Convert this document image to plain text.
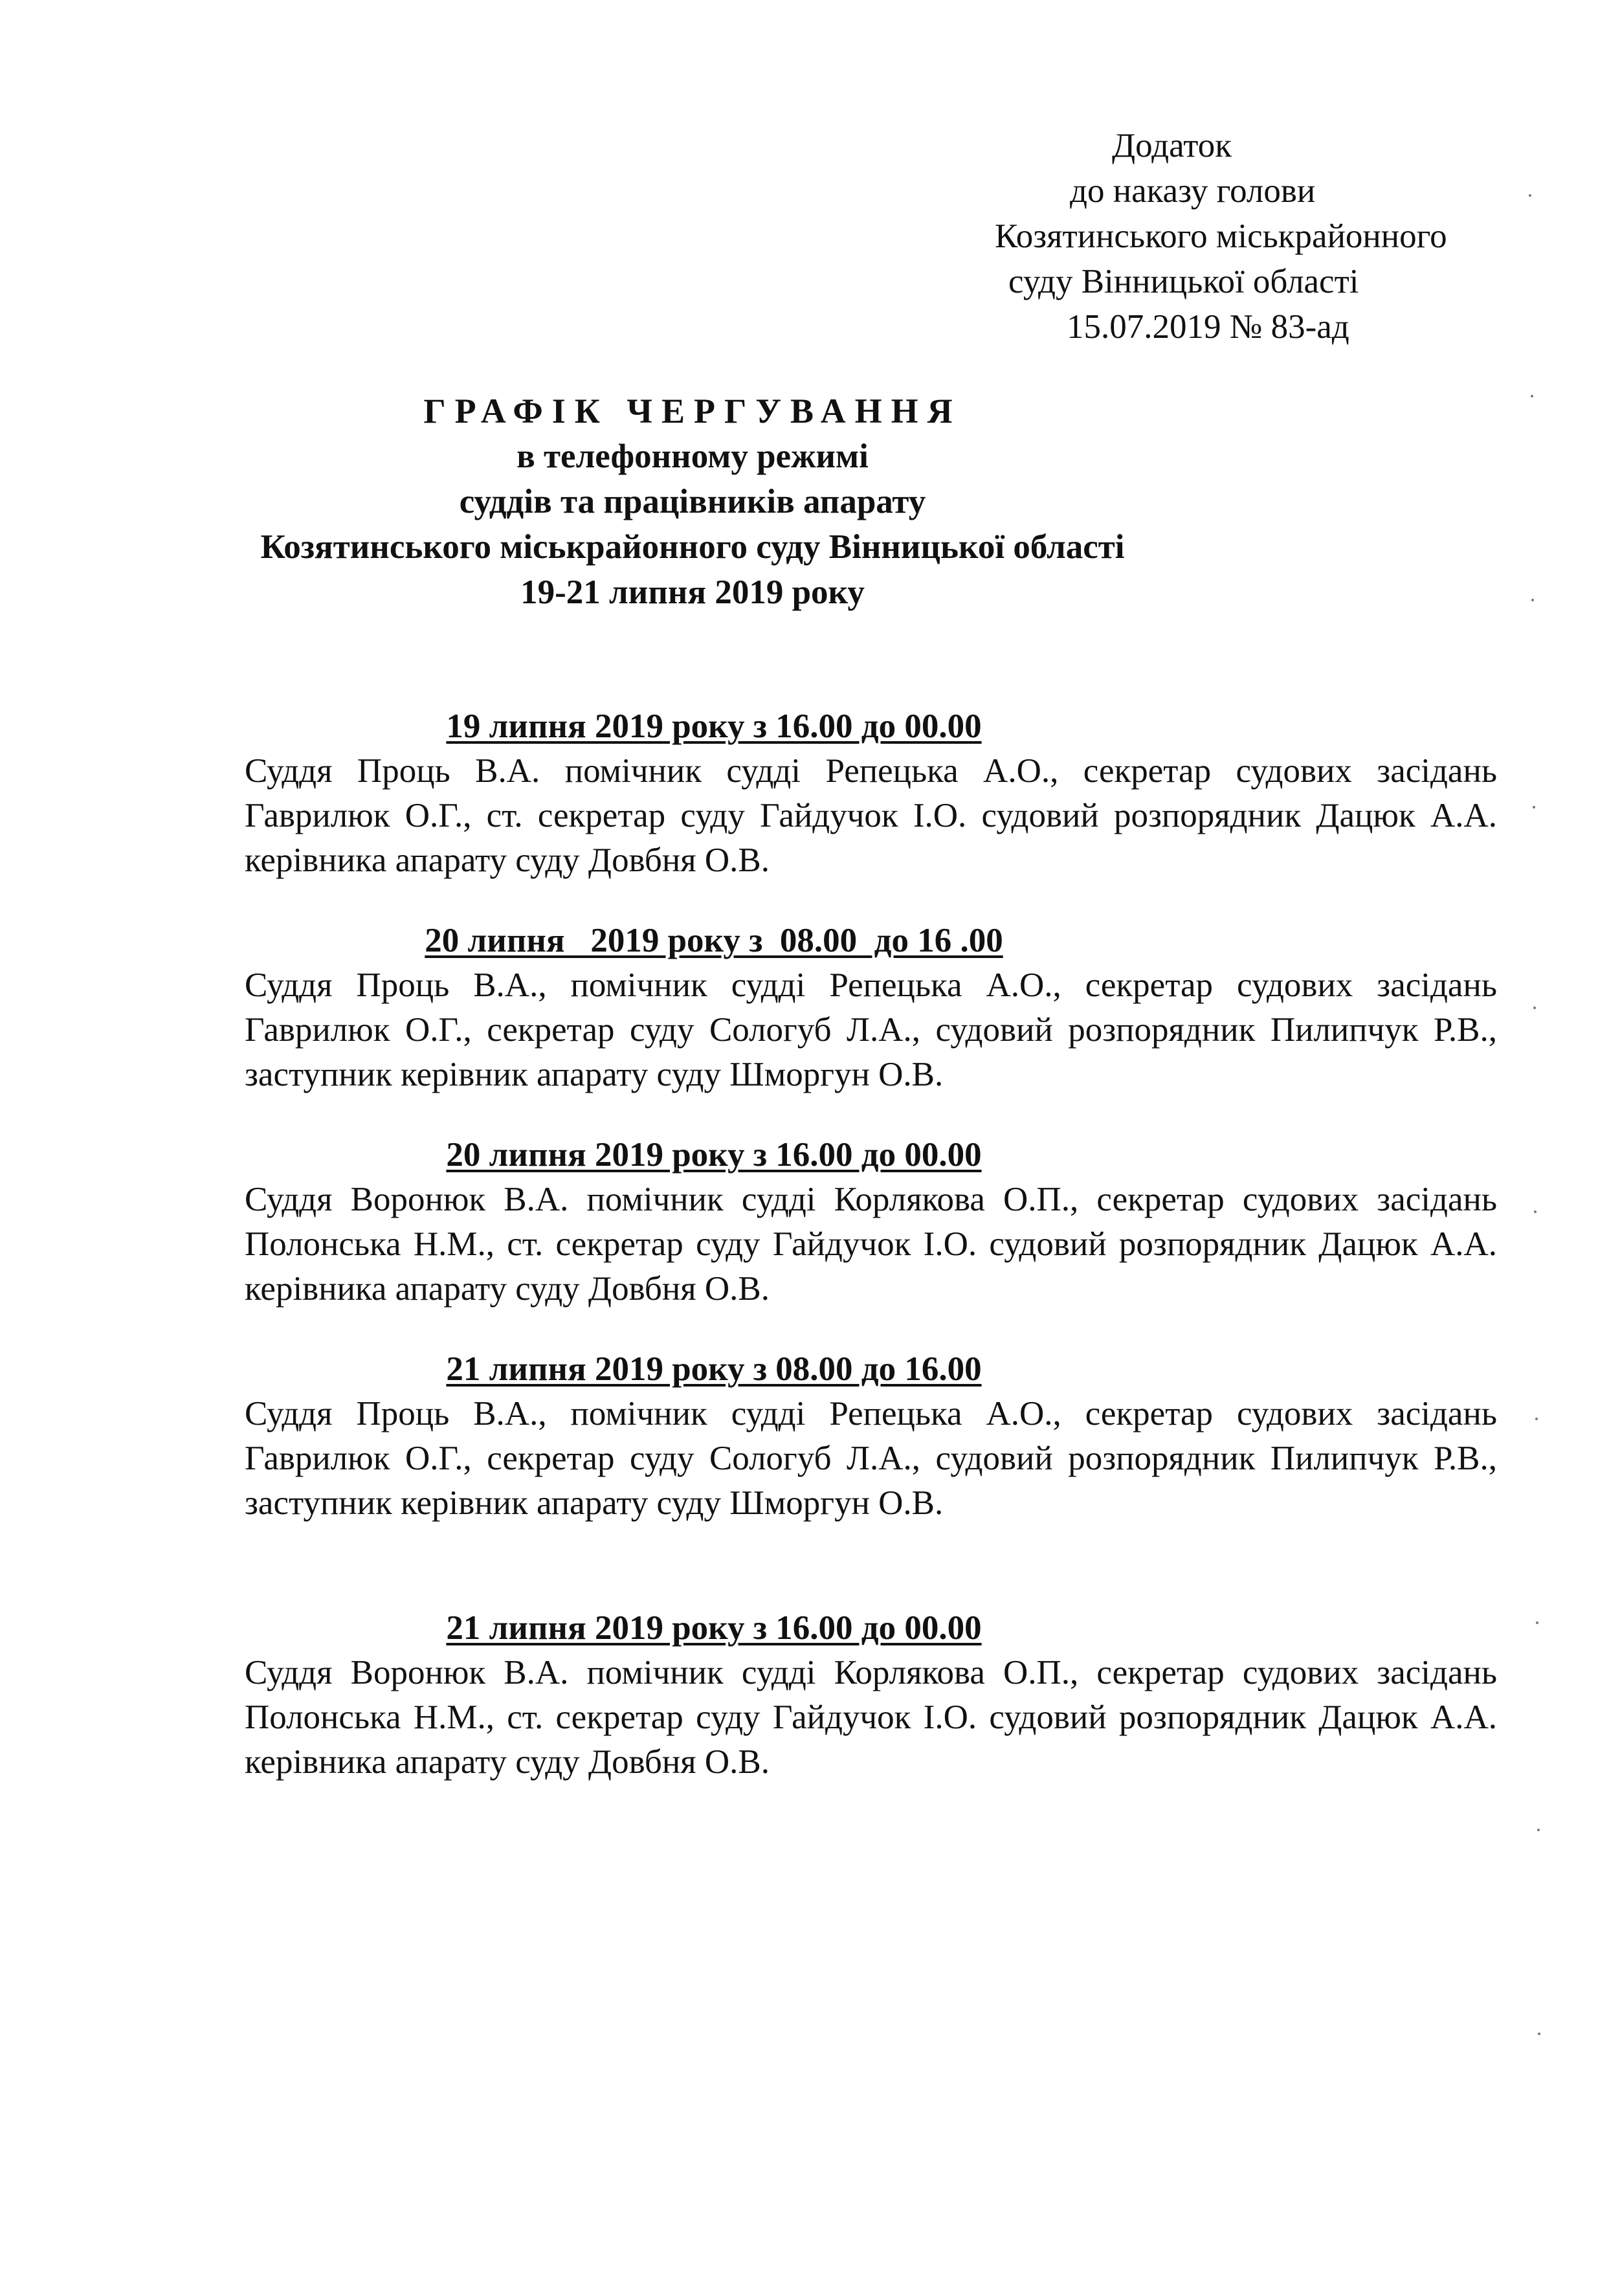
Додаток
до наказу голови
Козятинського міськрайонного
суду Вінницької області
15.07.2019 № 83-ад
ГРАФІК ЧЕРГУВАННЯ
в телефонному режимі
суддів та працівників апарату
Козятинського міськрайонного суду Вінницької області
19-21 липня 2019 року
19 липня 2019 року з 16.00 до 00.00
Суддя Проць В.А. помічник судді Репецька А.О., секретар судових засідань Гаврилюк О.Г., ст. секретар суду Гайдучок І.О. судовий розпорядник Дацюк А.А. керівника апарату суду Довбня О.В.
20 липня   2019 року з  08.00  до 16 .00
Суддя Проць В.А., помічник судді Репецька А.О., секретар судових засідань Гаврилюк О.Г., секретар суду Сологуб Л.А., судовий розпорядник Пилипчук Р.В., заступник керівник апарату суду Шморгун О.В.
20 липня 2019 року з 16.00 до 00.00
Суддя Воронюк В.А. помічник судді Корлякова О.П., секретар судових засідань Полонська Н.М., ст. секретар суду Гайдучок І.О. судовий розпорядник Дацюк А.А. керівника апарату суду Довбня О.В.
21 липня 2019 року з 08.00 до 16.00
Суддя Проць В.А., помічник судді Репецька А.О., секретар судових засідань Гаврилюк О.Г., секретар суду Сологуб Л.А., судовий розпорядник Пилипчук Р.В., заступник керівник апарату суду Шморгун О.В.
21 липня 2019 року з 16.00 до 00.00
Суддя Воронюк В.А. помічник судді Корлякова О.П., секретар судових засідань Полонська Н.М., ст. секретар суду Гайдучок І.О. судовий розпорядник Дацюк А.А. керівника апарату суду Довбня О.В.
